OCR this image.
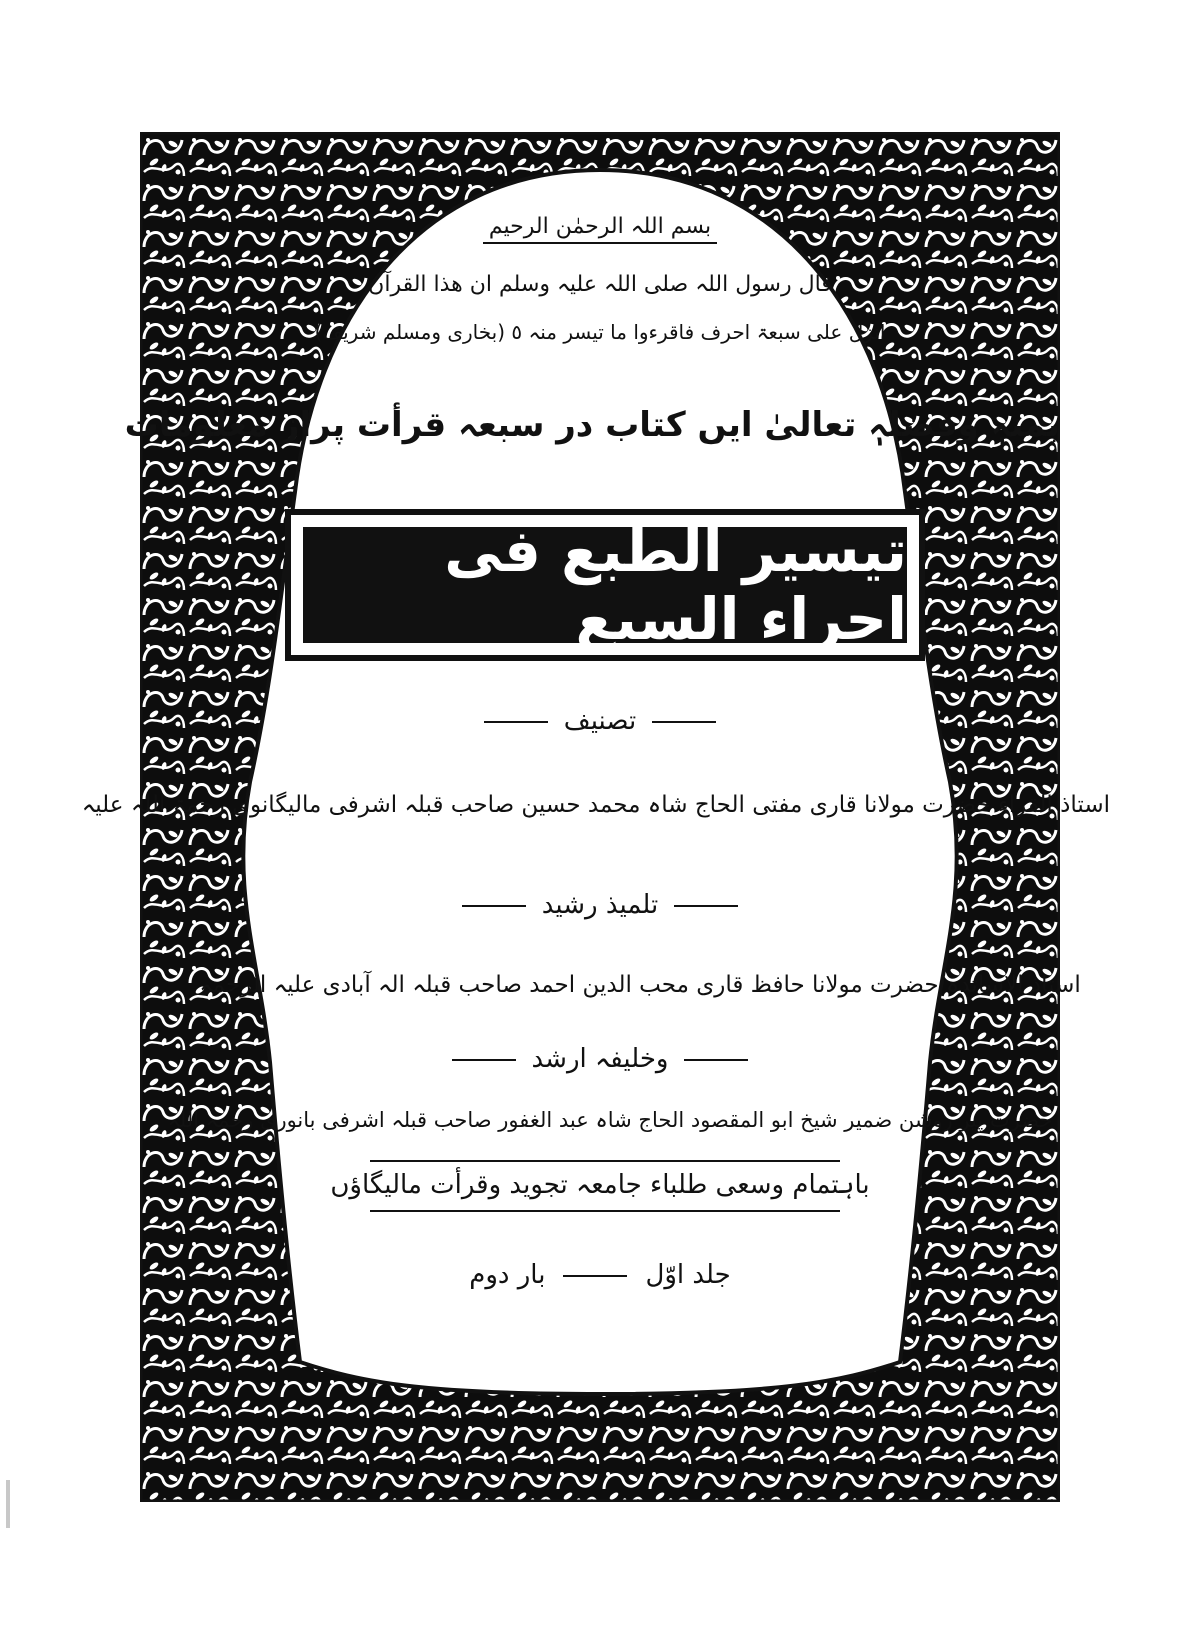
بسم اللہ الرحمٰن الرحیم
قال رسول اللہ صلی اللہ علیہ وسلم ان ھذا القرآن
انزل علی سبعۃ احرف فاقرءوا ما تیسر منہ ٥ (بخاری ومسلم شریف)
بمنہٖ وفضلہٖ تعالیٰ ایں کتاب در سبعہ قرأت پراز معلومات
تیسیر الطبع فی اجراء السبع
تصنیف
استاذ القراء حضرت مولانا قاری مفتی الحاج شاہ محمد حسین صاحب قبلہ اشرفی مالیگانوی رحمۃ اللہ علیہ
تلمیذ رشید
استاذ الاساتذہ حضرت مولانا حافظ قاری محب الدین احمد صاحب قبلہ الہ آبادی علیہ الرحمہ
وخلیفہ ارشد
حضرت پیر روشن ضمیر شیخ ابو المقصود الحاج شاہ عبد الغفور صاحب قبلہ اشرفی بانوری رحمہ اللہ
باہتمام وسعی طلباء جامعہ تجوید وقرأت مالیگاؤں
جلد اوّلبار دوم
